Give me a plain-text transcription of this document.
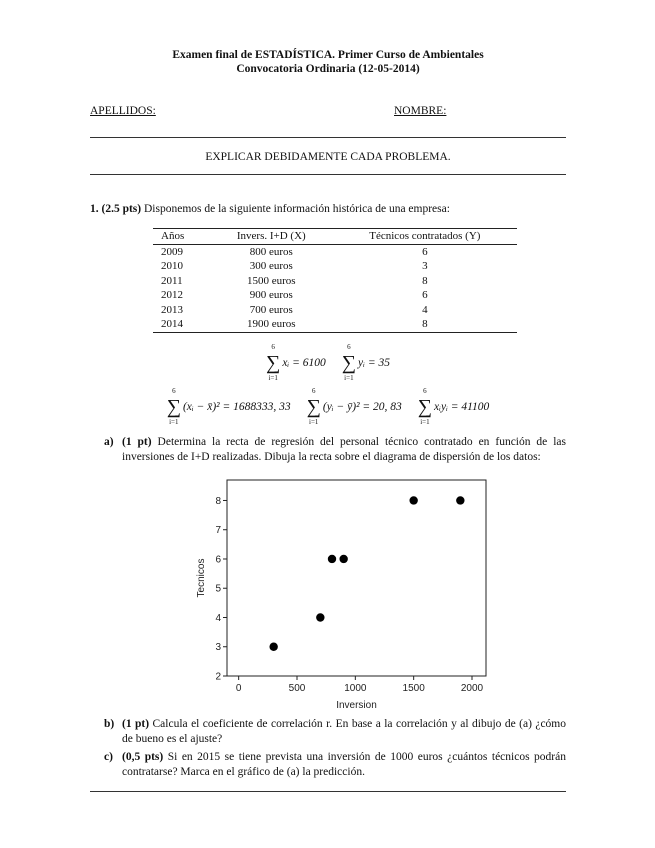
Examen final de ESTADÍSTICA. Primer Curso de Ambientales
Convocatoria Ordinaria (12-05-2014)
APELLIDOS:	NOMBRE:
EXPLICAR DEBIDAMENTE CADA PROBLEMA.
1. (2.5 pts) Disponemos de la siguiente información histórica de una empresa:
Años	Invers. I+D (X)	Técnicos contratados (Y)
2009	800 euros	6
2010	300 euros	3
2011	1500 euros	8
2012	900 euros	6
2013	700 euros	4
2014	1900 euros	8
6
∑
i=1
xᵢ = 6100
6
∑
i=1
yᵢ = 35
6
∑
i=1
(xᵢ − x̄)² = 1688333, 33
6
∑
i=1
(yᵢ − ȳ)² = 20, 83
6
∑
i=1
xᵢyᵢ = 41100
a) (1 pt) Determina la recta de regresión del personal técnico contratado en función de las inversiones de I+D realizadas. Dibuja la recta sobre el diagrama de dispersión de los datos:
0	500	1000	1500	2000
2
3
4
5
6
7
8
Inversion
Tecnicos
b) (1 pt) Calcula el coeficiente de correlación r. En base a la correlación y al dibujo de (a) ¿cómo de bueno es el ajuste?
c) (0,5 pts) Si en 2015 se tiene prevista una inversión de 1000 euros ¿cuántos técnicos podrán contratarse? Marca en el gráfico de (a) la predicción.
